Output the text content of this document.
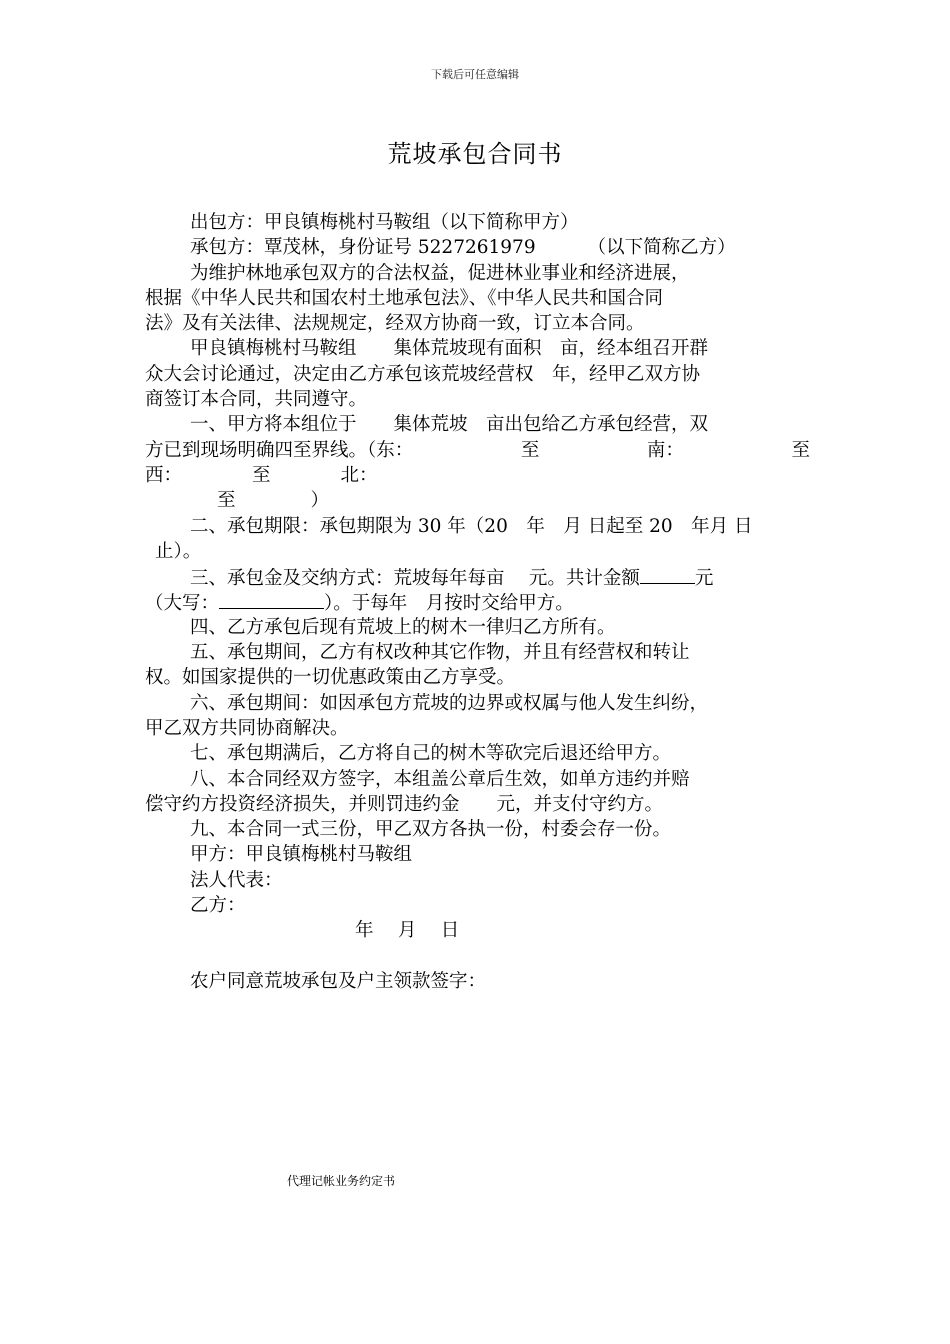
下载后可任意编辑
荒坡承包合同书
出包方：甲良镇梅桃村马鞍组（以下简称甲方）
承包方：覃茂林，身份证号 5227261979	（以下简称乙方）
为维护林地承包双方的合法权益，促进林业事业和经济进展，
根据《中华人民共和国农村土地承包法》、《中华人民共和国合同
法》及有关法律、法规规定，经双方协商一致，订立本合同。
甲良镇梅桃村马鞍组　　集体荒坡现有面积　亩，经本组召开群
众大会讨论通过，决定由乙方承包该荒坡经营权　年，经甲乙双方协
商签订本合同，共同遵守。
一、甲方将本组位于　　集体荒坡　亩出包给乙方承包经营，双
方已到现场明确四至界线。（东：	至	南：	至
西：	至	北：
至	）
二、承包期限：承包期限为 30 年（20　年　月 日起至 20　年月 日
止）。
三、承包金及交纳方式：荒坡每年每亩　 元。共计金额	元
（大写：	）。于每年　月按时交给甲方。
四、乙方承包后现有荒坡上的树木一律归乙方所有。
五、承包期间，乙方有权改种其它作物，并且有经营权和转让
权。如国家提供的一切优惠政策由乙方享受。
六、承包期间：如因承包方荒坡的边界或权属与他人发生纠纷，
甲乙双方共同协商解决。
七、承包期满后，乙方将自己的树木等砍完后退还给甲方。
八、本合同经双方签字，本组盖公章后生效，如单方违约并赔
偿守约方投资经济损失，并则罚违约金　　元，并支付守约方。
九、本合同一式三份，甲乙双方各执一份，村委会存一份。
甲方：甲良镇梅桃村马鞍组
法人代表：
乙方：
年　 月　 日
农户同意荒坡承包及户主领款签字：
代理记帐业务约定书
